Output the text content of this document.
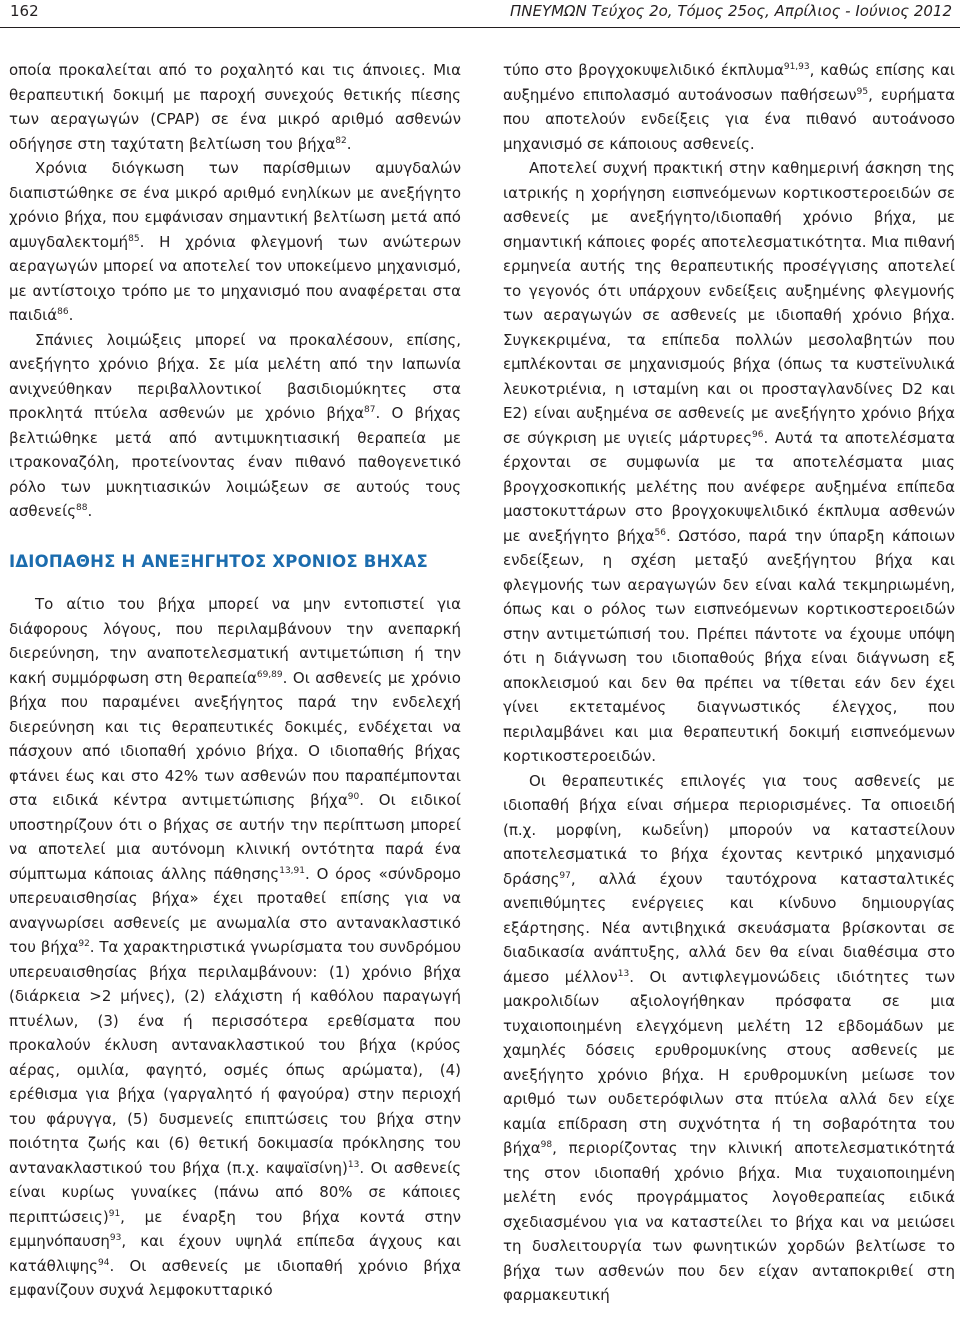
162	ΠΝΕΥΜΩΝ Τεύχος 2ο, Τόμος 25ος, Απρίλιος - Ιούνιος 2012

οποία προκαλείται από το ροχαλητό και τις άπνοιες. Μια θεραπευτική δοκιμή με παροχή συνεχούς θετικής πίεσης των αεραγωγών (CPAP) σε ένα μικρό αριθμό ασθενών οδήγησε στη ταχύτατη βελτίωση του βήχα$^{82}$.

Χρόνια διόγκωση των παρίσθμιων αμυγδαλών διαπιστώθηκε σε ένα μικρό αριθμό ενηλίκων με ανεξήγητο χρόνιο βήχα, που εμφάνισαν σημαντική βελτίωση μετά από αμυγδαλεκτομή$^{85}$. Η χρόνια φλεγμονή των ανώτερων αεραγωγών μπορεί να αποτελεί τον υποκείμενο μηχανισμό, με αντίστοιχο τρόπο με το μηχανισμό που αναφέρεται στα παιδιά$^{86}$.

Σπάνιες λοιμώξεις μπορεί να προκαλέσουν, επίσης, ανεξήγητο χρόνιο βήχα. Σε μία μελέτη από την Ιαπωνία ανιχνεύθηκαν περιβαλλοντικοί βασιδιομύκητες στα προκλητά πτύελα ασθενών με χρόνιο βήχα$^{87}$. Ο βήχας βελτιώθηκε μετά από αντιμυκητιασική θεραπεία με ιτρακοναζόλη, προτείνοντας έναν πιθανό παθογενετικό ρόλο των μυκητιασικών λοιμώξεων σε αυτούς τους ασθενείς$^{88}$.

ΙΔΙΟΠΑΘΗΣ Η ΑΝΕΞΗΓΗΤΟΣ ΧΡΟΝΙΟΣ ΒΗΧΑΣ

Το αίτιο του βήχα μπορεί να μην εντοπιστεί για διάφορους λόγους, που περιλαμβάνουν την ανεπαρκή διερεύνηση, την αναποτελεσματική αντιμετώπιση ή την κακή συμμόρφωση στη θεραπεία$^{69,89}$. Οι ασθενείς με χρόνιο βήχα που παραμένει ανεξήγητος παρά την ενδελεχή διερεύνηση και τις θεραπευτικές δοκιμές, ενδέχεται να πάσχουν από ιδιοπαθή χρόνιο βήχα. Ο ιδιοπαθής βήχας φτάνει έως και στο 42% των ασθενών που παραπέμπονται στα ειδικά κέντρα αντιμετώπισης βήχα$^{90}$. Οι ειδικοί υποστηρίζουν ότι ο βήχας σε αυτήν την περίπτωση μπορεί να αποτελεί μια αυτόνομη κλινική οντότητα παρά ένα σύμπτωμα κάποιας άλλης πάθησης$^{13,91}$. Ο όρος «σύνδρομο υπερευαισθησίας βήχα» έχει προταθεί επίσης για να αναγνωρίσει ασθενείς με ανωμαλία στο αντανακλαστικό του βήχα$^{92}$. Τα χαρακτηριστικά γνωρίσματα του συνδρόμου υπερευαισθησίας βήχα περιλαμβάνουν: (1) χρόνιο βήχα (διάρκεια >2 μήνες), (2) ελάχιστη ή καθόλου παραγωγή πτυέλων, (3) ένα ή περισσότερα ερεθίσματα που προκαλούν έκλυση αντανακλαστικού του βήχα (κρύος αέρας, ομιλία, φαγητό, οσμές όπως αρώματα), (4) ερέθισμα για βήχα (γαργαλητό ή φαγούρα) στην περιοχή του φάρυγγα, (5) δυσμενείς επιπτώσεις του βήχα στην ποιότητα ζωής και (6) θετική δοκιμασία πρόκλησης του αντανακλαστικού του βήχα (π.χ. καψαϊσίνη)$^{13}$. Οι ασθενείς είναι κυρίως γυναίκες (πάνω από 80% σε κάποιες περιπτώσεις)$^{91}$, με έναρξη του βήχα κοντά στην εμμηνόπαυση$^{93}$, και έχουν υψηλά επίπεδα άγχους και κατάθλιψης$^{94}$. Οι ασθενείς με ιδιοπαθή χρόνιο βήχα εμφανίζουν συχνά λεμφοκυτταρικό

τύπο στο βρογχοκυψελιδικό έκπλυμα$^{91,93}$, καθώς επίσης και αυξημένο επιπολασμό αυτοάνοσων παθήσεων$^{95}$, ευρήματα που αποτελούν ενδείξεις για ένα πιθανό αυτοάνοσο μηχανισμό σε κάποιους ασθενείς.

Αποτελεί συχνή πρακτική στην καθημερινή άσκηση της ιατρικής η χορήγηση εισπνεόμενων κορτικοστεροειδών σε ασθενείς με ανεξήγητο/ιδιοπαθή χρόνιο βήχα, με σημαντική κάποιες φορές αποτελεσματικότητα. Μια πιθανή ερμηνεία αυτής της θεραπευτικής προσέγγισης αποτελεί το γεγονός ότι υπάρχουν ενδείξεις αυξημένης φλεγμονής των αεραγωγών σε ασθενείς με ιδιοπαθή χρόνιο βήχα. Συγκεκριμένα, τα επίπεδα πολλών μεσολαβητών που εμπλέκονται σε μηχανισμούς βήχα (όπως τα κυστεϊνυλικά λευκοτριένια, η ισταμίνη και οι προσταγλανδίνες D2 και E2) είναι αυξημένα σε ασθενείς με ανεξήγητο χρόνιο βήχα σε σύγκριση με υγιείς μάρτυρες$^{96}$. Αυτά τα αποτελέσματα έρχονται σε συμφωνία με τα αποτελέσματα μιας βρογχοσκοπικής μελέτης που ανέφερε αυξημένα επίπεδα μαστοκυττάρων στο βρογχοκυψελιδικό έκπλυμα ασθενών με ανεξήγητο βήχα$^{56}$. Ωστόσο, παρά την ύπαρξη κάποιων ενδείξεων, η σχέση μεταξύ ανεξήγητου βήχα και φλεγμονής των αεραγωγών δεν είναι καλά τεκμηριωμένη, όπως και ο ρόλος των εισπνεόμενων κορτικοστεροειδών στην αντιμετώπισή του. Πρέπει πάντοτε να έχουμε υπόψη ότι η διάγνωση του ιδιοπαθούς βήχα είναι διάγνωση εξ αποκλεισμού και δεν θα πρέπει να τίθεται εάν δεν έχει γίνει εκτεταμένος διαγνωστικός έλεγχος, που περιλαμβάνει και μια θεραπευτική δοκιμή εισπνεόμενων κορτικοστεροειδών.

Οι θεραπευτικές επιλογές για τους ασθενείς με ιδιοπαθή βήχα είναι σήμερα περιορισμένες. Τα οπιοειδή (π.χ. μορφίνη, κωδεΐνη) μπορούν να καταστείλουν αποτελεσματικά το βήχα έχοντας κεντρικό μηχανισμό δράσης$^{97}$, αλλά έχουν ταυτόχρονα κατασταλτικές ανεπιθύμητες ενέργειες και κίνδυνο δημιουργίας εξάρτησης. Νέα αντιβηχικά σκευάσματα βρίσκονται σε διαδικασία ανάπτυξης, αλλά δεν θα είναι διαθέσιμα στο άμεσο μέλλον$^{13}$. Οι αντιφλεγμονώδεις ιδιότητες των μακρολιδίων αξιολογήθηκαν πρόσφατα σε μια τυχαιοποιημένη ελεγχόμενη μελέτη 12 εβδομάδων με χαμηλές δόσεις ερυθρομυκίνης στους ασθενείς με ανεξήγητο χρόνιο βήχα. Η ερυθρομυκίνη μείωσε τον αριθμό των ουδετερόφιλων στα πτύελα αλλά δεν είχε καμία επίδραση στη συχνότητα ή τη σοβαρότητα του βήχα$^{98}$, περιορίζοντας την κλινική αποτελεσματικότητά της στον ιδιοπαθή χρόνιο βήχα. Μια τυχαιοποιημένη μελέτη ενός προγράμματος λογοθεραπείας ειδικά σχεδιασμένου για να καταστείλει το βήχα και να μειώσει τη δυσλειτουργία των φωνητικών χορδών βελτίωσε το βήχα των ασθενών που δεν είχαν ανταποκριθεί στη φαρμακευτική
